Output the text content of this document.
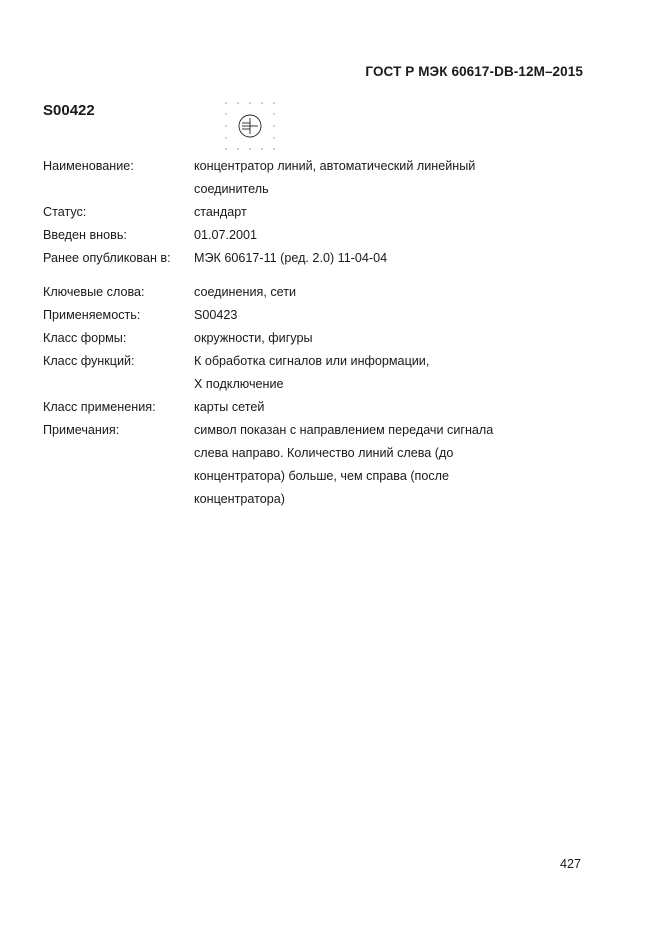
ГОСТ Р МЭК 60617-DB-12M–2015
S00422
Наименование:	концентратор линий, автоматический линейный
соединитель
Статус:	стандарт
Введен вновь:	01.07.2001
Ранее опубликован в:	МЭК 60617-11 (ред. 2.0) 11-04-04
Ключевые слова:	соединения, сети
Применяемость:	S00423
Класс формы:	окружности, фигуры
Класс функций:	К обработка сигналов или информации,
Х подключение
Класс применения:	карты сетей
Примечания:	символ показан с направлением передачи сигнала
слева направо. Количество линий слева (до
концентратора) больше, чем справа (после
концентратора)
427
